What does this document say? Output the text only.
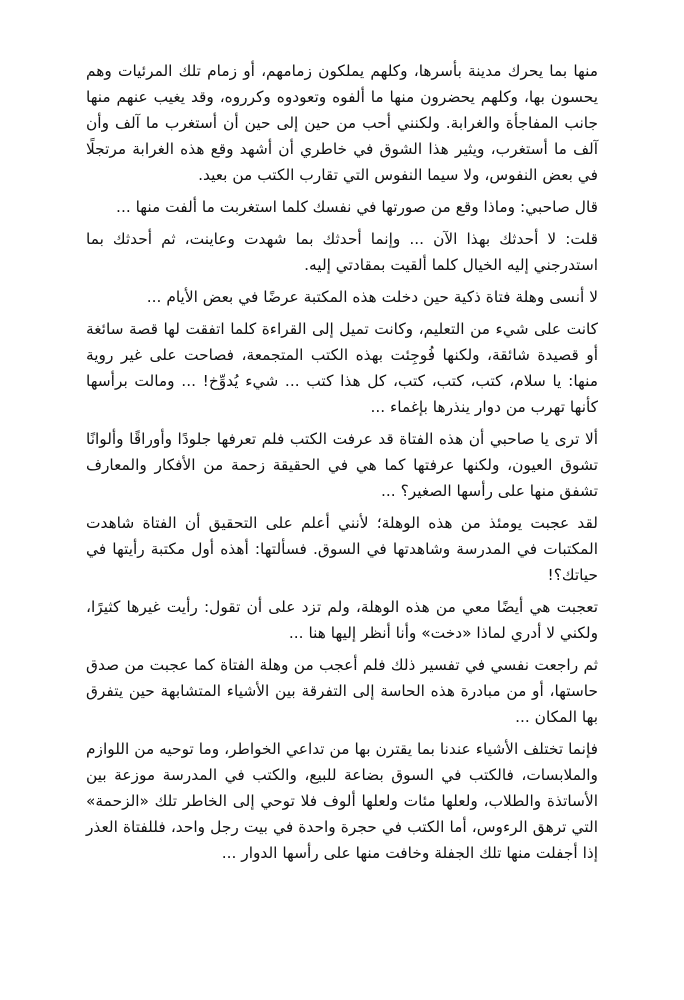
منها بما يحرك مدينة بأسرها، وكلهم يملكون زمامهم، أو زمام تلك المرئيات وهم يحسون بها، وكلهم يحضرون منها ما ألفوه وتعودوه وكرروه، وقد يغيب عنهم منها جانب المفاجأة والغرابة. ولكنني أحب من حين إلى حين أن أستغرب ما آلف وأن آلف ما أستغرب، ويثير هذا الشوق في خاطري أن أشهد وقع هذه الغرابة مرتجلًا في بعض النفوس، ولا سيما النفوس التي تقارب الكتب من بعيد.

قال صاحبي: وماذا وقع من صورتها في نفسك كلما استغربت ما ألفت منها ...

قلت: لا أحدثك بهذا الآن ... وإنما أحدثك بما شهدت وعاينت، ثم أحدثك بما استدرجني إليه الخيال كلما ألقيت بمقادتي إليه.

لا أنسى وهلة فتاة ذكية حين دخلت هذه المكتبة عرضًا في بعض الأيام ...

كانت على شيء من التعليم، وكانت تميل إلى القراءة كلما اتفقت لها قصة سائغة أو قصيدة شائقة، ولكنها فُوجِئت بهذه الكتب المتجمعة، فصاحت على غير روية منها: يا سلام، كتب، كتب، كتب، كل هذا كتب ... شيء يُدوِّخ! ... ومالت برأسها كأنها تهرب من دوار ينذرها بإغماء ...

ألا ترى يا صاحبي أن هذه الفتاة قد عرفت الكتب فلم تعرفها جلودًا وأوراقًا وألوانًا تشوق العيون، ولكنها عرفتها كما هي في الحقيقة زحمة من الأفكار والمعارف تشفق منها على رأسها الصغير؟ ...

لقد عجبت يومئذ من هذه الوهلة؛ لأنني أعلم على التحقيق أن الفتاة شاهدت المكتبات في المدرسة وشاهدتها في السوق. فسألتها: أهذه أول مكتبة رأيتها في حياتك؟!

تعجبت هي أيضًا معي من هذه الوهلة، ولم تزد على أن تقول: رأيت غيرها كثيرًا، ولكني لا أدري لماذا «دخت» وأنا أنظر إليها هنا ...

ثم راجعت نفسي في تفسير ذلك فلم أعجب من وهلة الفتاة كما عجبت من صدق حاستها، أو من مبادرة هذه الحاسة إلى التفرقة بين الأشياء المتشابهة حين يتفرق بها المكان ...

فإنما تختلف الأشياء عندنا بما يقترن بها من تداعي الخواطر، وما توحيه من اللوازم والملابسات، فالكتب في السوق بضاعة للبيع، والكتب في المدرسة موزعة بين الأساتذة والطلاب، ولعلها مئات ولعلها ألوف فلا توحي إلى الخاطر تلك «الزحمة» التي ترهق الرءوس، أما الكتب في حجرة واحدة في بيت رجل واحد، فللفتاة العذر إذا أجفلت منها تلك الجفلة وخافت منها على رأسها الدوار ...
